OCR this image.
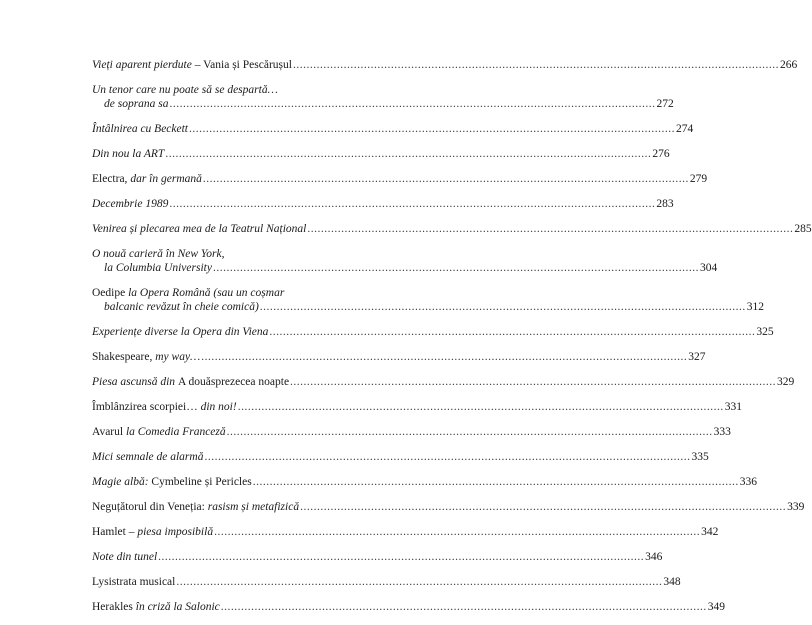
Vieți aparent pierdute – Vania și Pescărușul .....	266
Un tenor care nu poate să se despartă…
de soprana sa .....	272
Întâlnirea cu Beckett .....	274
Din nou la ART .....	276
Electra, dar în germană .....	279
Decembrie 1989 .....	283
Venirea și plecarea mea de la Teatrul Național .....	285
O nouă carieră în New York,
la Columbia University .....	304
Oedipe la Opera Română (sau un coșmar
balcanic revăzut în cheie comică) .....	312
Experiențe diverse la Opera din Viena .....	325
Shakespeare, my way… .....	327
Piesa ascunsă din A douăsprezecea noapte .....	329
Îmblânzirea scorpiei… din noi! .....	331
Avarul la Comedia Franceză .....	333
Mici semnale de alarmă .....	335
Magie albă: Cymbeline și Pericles .....	336
Neguțătorul din Veneția: rasism și metafizică .....	339
Hamlet – piesa imposibilă .....	342
Note din tunel .....	346
Lysistrata musical .....	348
Herakles în criză la Salonic .....	349
